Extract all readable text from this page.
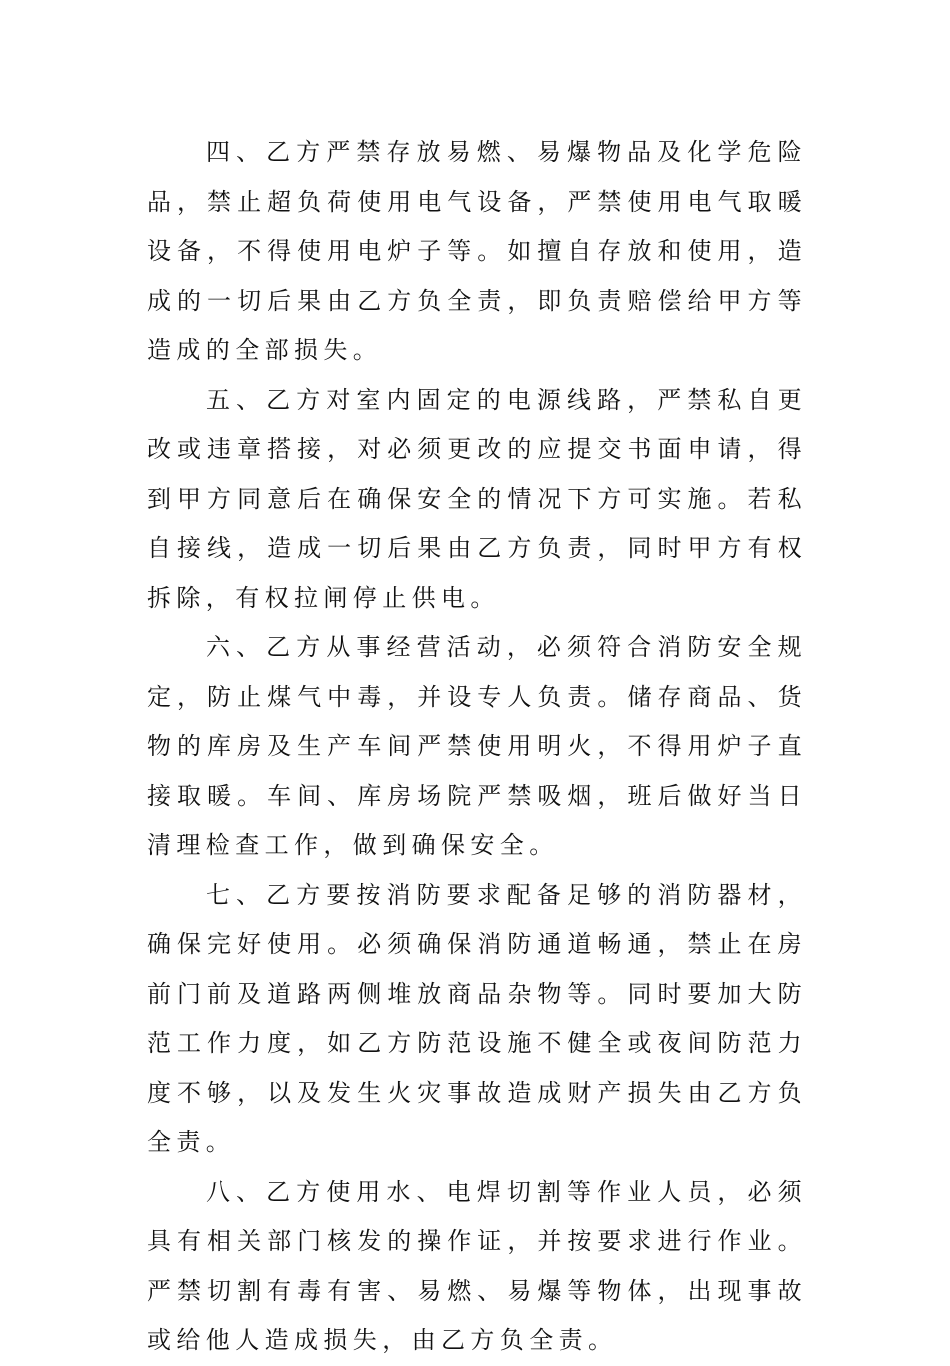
四、乙方严禁存放易燃、易爆物品及化学危险品，禁止超负荷使用电气设备，严禁使用电气取暖设备，不得使用电炉子等。如擅自存放和使用，造成的一切后果由乙方负全责，即负责赔偿给甲方等造成的全部损失。

五、乙方对室内固定的电源线路，严禁私自更改或违章搭接，对必须更改的应提交书面申请，得到甲方同意后在确保安全的情况下方可实施。若私自接线，造成一切后果由乙方负责，同时甲方有权拆除，有权拉闸停止供电。

六、乙方从事经营活动，必须符合消防安全规定，防止煤气中毒，并设专人负责。储存商品、货物的库房及生产车间严禁使用明火，不得用炉子直接取暖。车间、库房场院严禁吸烟，班后做好当日清理检查工作，做到确保安全。

七、乙方要按消防要求配备足够的消防器材，确保完好使用。必须确保消防通道畅通，禁止在房前门前及道路两侧堆放商品杂物等。同时要加大防范工作力度，如乙方防范设施不健全或夜间防范力度不够，以及发生火灾事故造成财产损失由乙方负全责。

八、乙方使用水、电焊切割等作业人员，必须具有相关部门核发的操作证，并按要求进行作业。严禁切割有毒有害、易燃、易爆等物体，出现事故或给他人造成损失，由乙方负全责。
